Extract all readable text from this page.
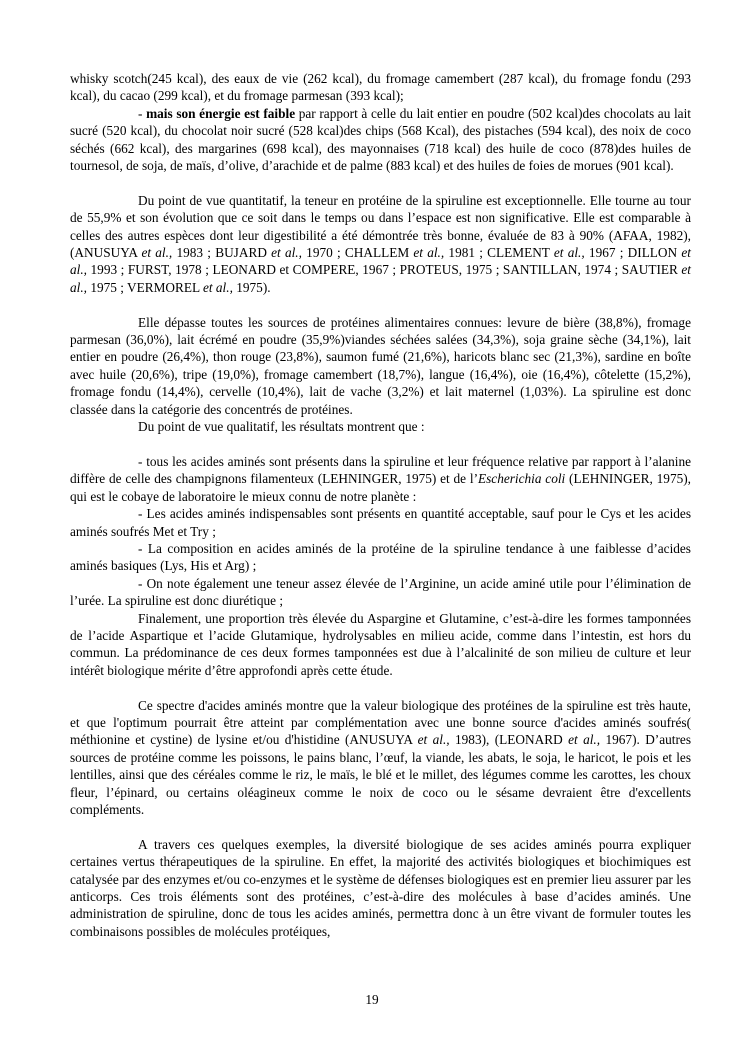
whisky scotch(245 kcal), des eaux de vie (262 kcal), du fromage camembert (287 kcal), du fromage fondu (293 kcal), du cacao (299 kcal), et du fromage parmesan (393 kcal);

- mais son énergie est faible par rapport à celle du lait entier en poudre (502 kcal)des chocolats au lait sucré (520 kcal), du chocolat noir sucré (528 kcal)des chips (568 Kcal), des pistaches (594 kcal), des noix de coco séchés (662 kcal), des margarines (698 kcal), des mayonnaises (718 kcal) des huile de coco (878)des huiles de tournesol, de soja, de maïs, d’olive, d’arachide et de palme (883 kcal) et des huiles de foies de morues (901 kcal).

Du point de vue quantitatif, la teneur en protéine de la spiruline est exceptionnelle. Elle tourne au tour de 55,9% et son évolution que ce soit dans le temps ou dans l’espace est non significative. Elle est comparable à celles des autres espèces dont leur digestibilité a été démontrée très bonne, évaluée de 83 à 90% (AFAA, 1982), (ANUSUYA et al., 1983 ; BUJARD et al., 1970 ; CHALLEM et al., 1981 ; CLEMENT et al., 1967 ; DILLON et al., 1993 ; FURST, 1978 ; LEONARD et COMPERE, 1967 ; PROTEUS, 1975 ; SANTILLAN, 1974 ; SAUTIER et al., 1975 ; VERMOREL et al., 1975).

Elle dépasse toutes les sources de protéines alimentaires connues: levure de bière (38,8%), fromage parmesan (36,0%), lait écrémé en poudre (35,9%)viandes séchées salées (34,3%), soja graine sèche (34,1%), lait entier en poudre (26,4%), thon rouge (23,8%), saumon fumé (21,6%), haricots blanc sec (21,3%), sardine en boîte avec huile (20,6%), tripe (19,0%), fromage camembert (18,7%), langue (16,4%), oie (16,4%), côtelette (15,2%), fromage fondu (14,4%), cervelle (10,4%), lait de vache (3,2%) et lait maternel (1,03%). La spiruline est donc classée dans la catégorie des concentrés de protéines.

Du point de vue qualitatif, les résultats montrent que :

- tous les acides aminés sont présents dans la spiruline et leur fréquence relative par rapport à l’alanine diffère de celle des champignons filamenteux (LEHNINGER, 1975) et de l’Escherichia coli (LEHNINGER, 1975), qui est le cobaye de laboratoire le mieux connu de notre planète :

- Les acides aminés indispensables sont présents en quantité acceptable, sauf pour le Cys et les acides aminés soufrés Met et Try ;

- La composition en acides aminés de la protéine de la spiruline tendance à une faiblesse d’acides aminés basiques (Lys, His et Arg) ;

- On note également une teneur assez élevée de l’Arginine, un acide aminé utile pour l’élimination de l’urée. La spiruline est donc diurétique ;

Finalement, une proportion très élevée du Aspargine et Glutamine, c’est-à-dire les formes tamponnées de l’acide Aspartique et l’acide Glutamique, hydrolysables en milieu acide, comme dans l’intestin, est hors du commun. La prédominance de ces deux formes tamponnées est due à l’alcalinité de son milieu de culture et leur intérêt biologique mérite d’être approfondi après cette étude.

Ce spectre d'acides aminés montre que la valeur biologique des protéines de la spiruline est très haute, et que l'optimum pourrait être atteint par complémentation avec une bonne source d'acides aminés soufrés( méthionine et cystine) de lysine et/ou d'histidine (ANUSUYA et al., 1983), (LEONARD et al., 1967). D’autres sources de protéine comme les poissons, le pains blanc, l’œuf, la viande, les abats, le soja, le haricot, le pois et les lentilles, ainsi que des céréales comme le riz, le maïs, le blé et le millet, des légumes comme les carottes, les choux fleur, l’épinard, ou certains oléagineux comme le noix de coco ou le sésame devraient être d'excellents compléments.

A travers ces quelques exemples, la diversité biologique de ses acides aminés pourra expliquer certaines vertus thérapeutiques de la spiruline. En effet, la majorité des activités biologiques et biochimiques est catalysée par des enzymes et/ou co-enzymes et le système de défenses biologiques est en premier lieu assurer par les anticorps. Ces trois éléments sont des protéines, c’est-à-dire des molécules à base d’acides aminés. Une administration de spiruline, donc de tous les acides aminés, permettra donc à un être vivant de formuler toutes les combinaisons possibles de molécules protéiques,

19
